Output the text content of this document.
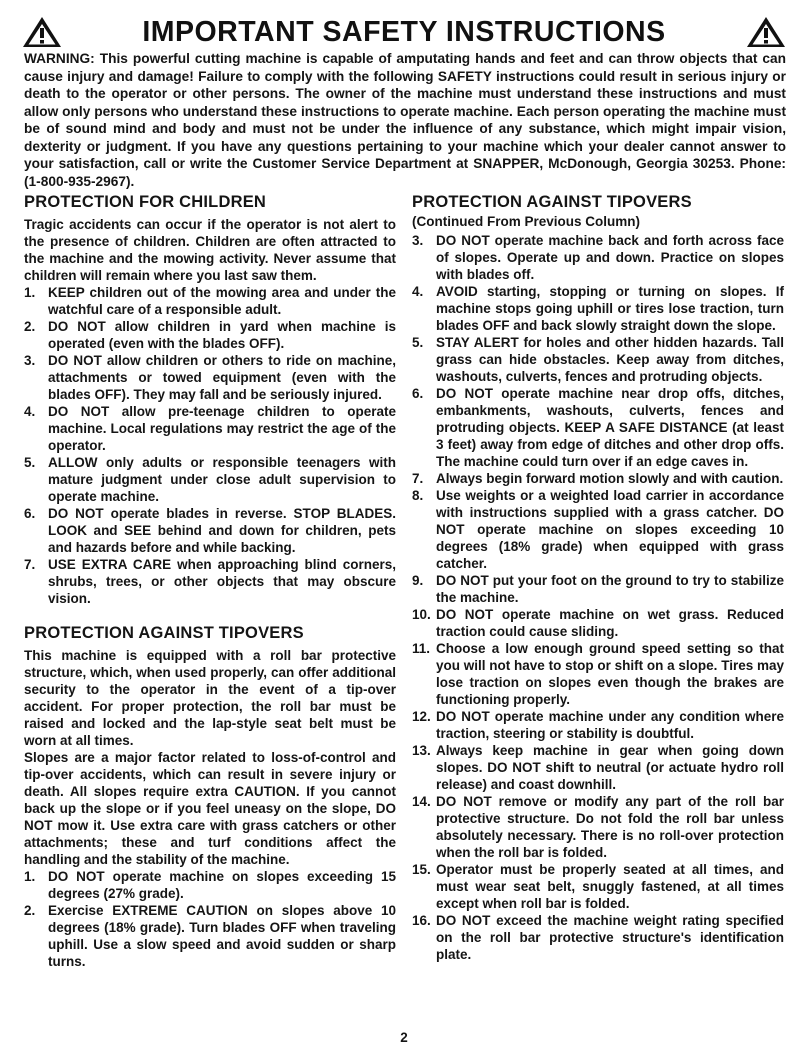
IMPORTANT SAFETY INSTRUCTIONS
WARNING: This powerful cutting machine is capable of amputating hands and feet and can throw objects that can cause injury and damage! Failure to comply with the following SAFETY instructions could result in serious injury or death to the operator or other persons. The owner of the machine must understand these instructions and must allow only persons who understand these instructions to operate machine. Each person operating the machine must be of sound mind and body and must not be under the influence of any substance, which might impair vision, dexterity or judgment. If you have any questions pertaining to your machine which your dealer cannot answer to your satisfaction, call or write the Customer Service Department at SNAPPER, McDonough, Georgia 30253. Phone: (1-800-935-2967).
PROTECTION FOR CHILDREN

Tragic accidents can occur if the operator is not alert to the presence of children. Children are often attracted to the machine and the mowing activity. Never assume that children will remain where you last saw them.

1. KEEP children out of the mowing area and under the watchful care of a responsible adult.
2. DO NOT allow children in yard when machine is operated (even with the blades OFF).
3. DO NOT allow children or others to ride on machine, attachments or towed equipment (even with the blades OFF). They may fall and be seriously injured.
4. DO NOT allow pre-teenage children to operate machine. Local regulations may restrict the age of the operator.
5. ALLOW only adults or responsible teenagers with mature judgment under close adult supervision to operate machine.
6. DO NOT operate blades in reverse. STOP BLADES. LOOK and SEE behind and down for children, pets and hazards before and while backing.
7. USE EXTRA CARE when approaching blind corners, shrubs, trees, or other objects that may obscure vision.
PROTECTION AGAINST TIPOVERS

This machine is equipped with a roll bar protective structure, which, when used properly, can offer additional security to the operator in the event of a tip-over accident. For proper protection, the roll bar must be raised and locked and the lap-style seat belt must be worn at all times.

Slopes are a major factor related to loss-of-control and tip-over accidents, which can result in severe injury or death. All slopes require extra CAUTION. If you cannot back up the slope or if you feel uneasy on the slope, DO NOT mow it. Use extra care with grass catchers or other attachments; these and turf conditions affect the handling and the stability of the machine.

1. DO NOT operate machine on slopes exceeding 15 degrees (27% grade).
2. Exercise EXTREME CAUTION on slopes above 10 degrees (18% grade). Turn blades OFF when traveling uphill. Use a slow speed and avoid sudden or sharp turns.
PROTECTION AGAINST TIPOVERS
(Continued From Previous Column)
3. DO NOT operate machine back and forth across face of slopes. Operate up and down. Practice on slopes with blades off.
4. AVOID starting, stopping or turning on slopes. If machine stops going uphill or tires lose traction, turn blades OFF and back slowly straight down the slope.
5. STAY ALERT for holes and other hidden hazards. Tall grass can hide obstacles. Keep away from ditches, washouts, culverts, fences and protruding objects.
6. DO NOT operate machine near drop offs, ditches, embankments, washouts, culverts, fences and protruding objects. KEEP A SAFE DISTANCE (at least 3 feet) away from edge of ditches and other drop offs. The machine could turn over if an edge caves in.
7. Always begin forward motion slowly and with caution.
8. Use weights or a weighted load carrier in accordance with instructions supplied with a grass catcher. DO NOT operate machine on slopes exceeding 10 degrees (18% grade) when equipped with grass catcher.
9. DO NOT put your foot on the ground to try to stabilize the machine.
10. DO NOT operate machine on wet grass. Reduced traction could cause sliding.
11. Choose a low enough ground speed setting so that you will not have to stop or shift on a slope. Tires may lose traction on slopes even though the brakes are functioning properly.
12. DO NOT operate machine under any condition where traction, steering or stability is doubtful.
13. Always keep machine in gear when going down slopes. DO NOT shift to neutral (or actuate hydro roll release) and coast downhill.
14. DO NOT remove or modify any part of the roll bar protective structure. Do not fold the roll bar unless absolutely necessary. There is no roll-over protection when the roll bar is folded.
15. Operator must be properly seated at all times, and must wear seat belt, snuggly fastened, at all times except when roll bar is folded.
16. DO NOT exceed the machine weight rating specified on the roll bar protective structure's identification plate.
2
